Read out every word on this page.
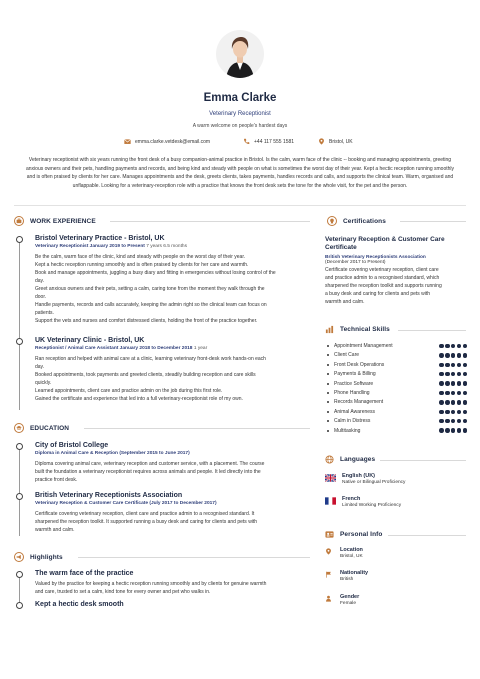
Emma Clarke
Veterinary Receptionist
A warm welcome on people's hardest days
emma.clarke.vetdesk@email.com	+44 117 555 1581	Bristol, UK
Veterinary receptionist with six years running the front desk of a busy companion-animal practice in Bristol. Is the calm, warm face of the clinic -- booking and managing appointments, greeting anxious owners and their pets, handling payments and records, and being kind and steady with people on what is sometimes the worst day of their year. Kept a hectic reception running smoothly and is often praised by clients for her care. Manages appointments and the desk, greets clients, takes payments, handles records and calls, and supports the clinical team. Warm, organised and unflappable. Looking for a veterinary-reception role with a practice that knows the front desk sets the tone for the whole visit, for the pet and the person.
WORK EXPERIENCE
Bristol Veterinary Practice - Bristol, UK
Veterinary Receptionist January 2019 to Present 7 years 6.5 months
Be the calm, warm face of the clinic, kind and steady with people on the worst day of their year.
Kept a hectic reception running smoothly and is often praised by clients for her care and warmth.
Book and manage appointments, juggling a busy diary and fitting in emergencies without losing control of the
day.
Greet anxious owners and their pets, setting a calm, caring tone from the moment they walk through the
door.
Handle payments, records and calls accurately, keeping the admin right so the clinical team can focus on
patients.
Support the vets and nurses and comfort distressed clients, holding the front of the practice together.
UK Veterinary Clinic - Bristol, UK
Receptionist / Animal Care Assistant January 2018 to December 2018 1 year
Ran reception and helped with animal care at a clinic, learning veterinary front-desk work hands-on each
day.
Booked appointments, took payments and greeted clients, steadily building reception and care skills
quickly.
Learned appointments, client care and practice admin on the job during this first role.
Gained the certificate and experience that led into a full veterinary-receptionist role of my own.
EDUCATION
City of Bristol College
Diploma in Animal Care & Reception (September 2015 to June 2017)
Diploma covering animal care, veterinary reception and customer service, with a placement. The course
built the foundation a veterinary receptionist requires across animals and people. It led directly into the
practice front desk.
British Veterinary Receptionists Association
Veterinary Reception & Customer Care Certificate (July 2017 to December 2017)
Certificate covering veterinary reception, client care and practice admin to a recognised standard. It
sharpened the reception toolkit. It supported running a busy desk and caring for clients and pets with
warmth and calm.
Highlights
The warm face of the practice
Valued by the practice for keeping a hectic reception running smoothly and by clients for genuine warmth
and care, trusted to set a calm, kind tone for every owner and pet who walks in.
Kept a hectic desk smooth
Certifications
Veterinary Reception & Customer Care Certificate
British Veterinary Receptionists Association
(December 2017 to Present)
Certificate covering veterinary reception, client care
and practice admin to a recognised standard, which
sharpened the reception toolkit and supports running
a busy desk and caring for clients and pets with
warmth and calm.
Technical Skills
Appointment Management
Client Care
Front Desk Operations
Payments & Billing
Practice Software
Phone Handling
Records Management
Animal Awareness
Calm in Distress
Multitasking
Languages
English (UK)
Native or Bilingual Proficiency
French
Limited Working Proficiency
Personal Info
Location
Bristol, UK
Nationality
British
Gender
Female
